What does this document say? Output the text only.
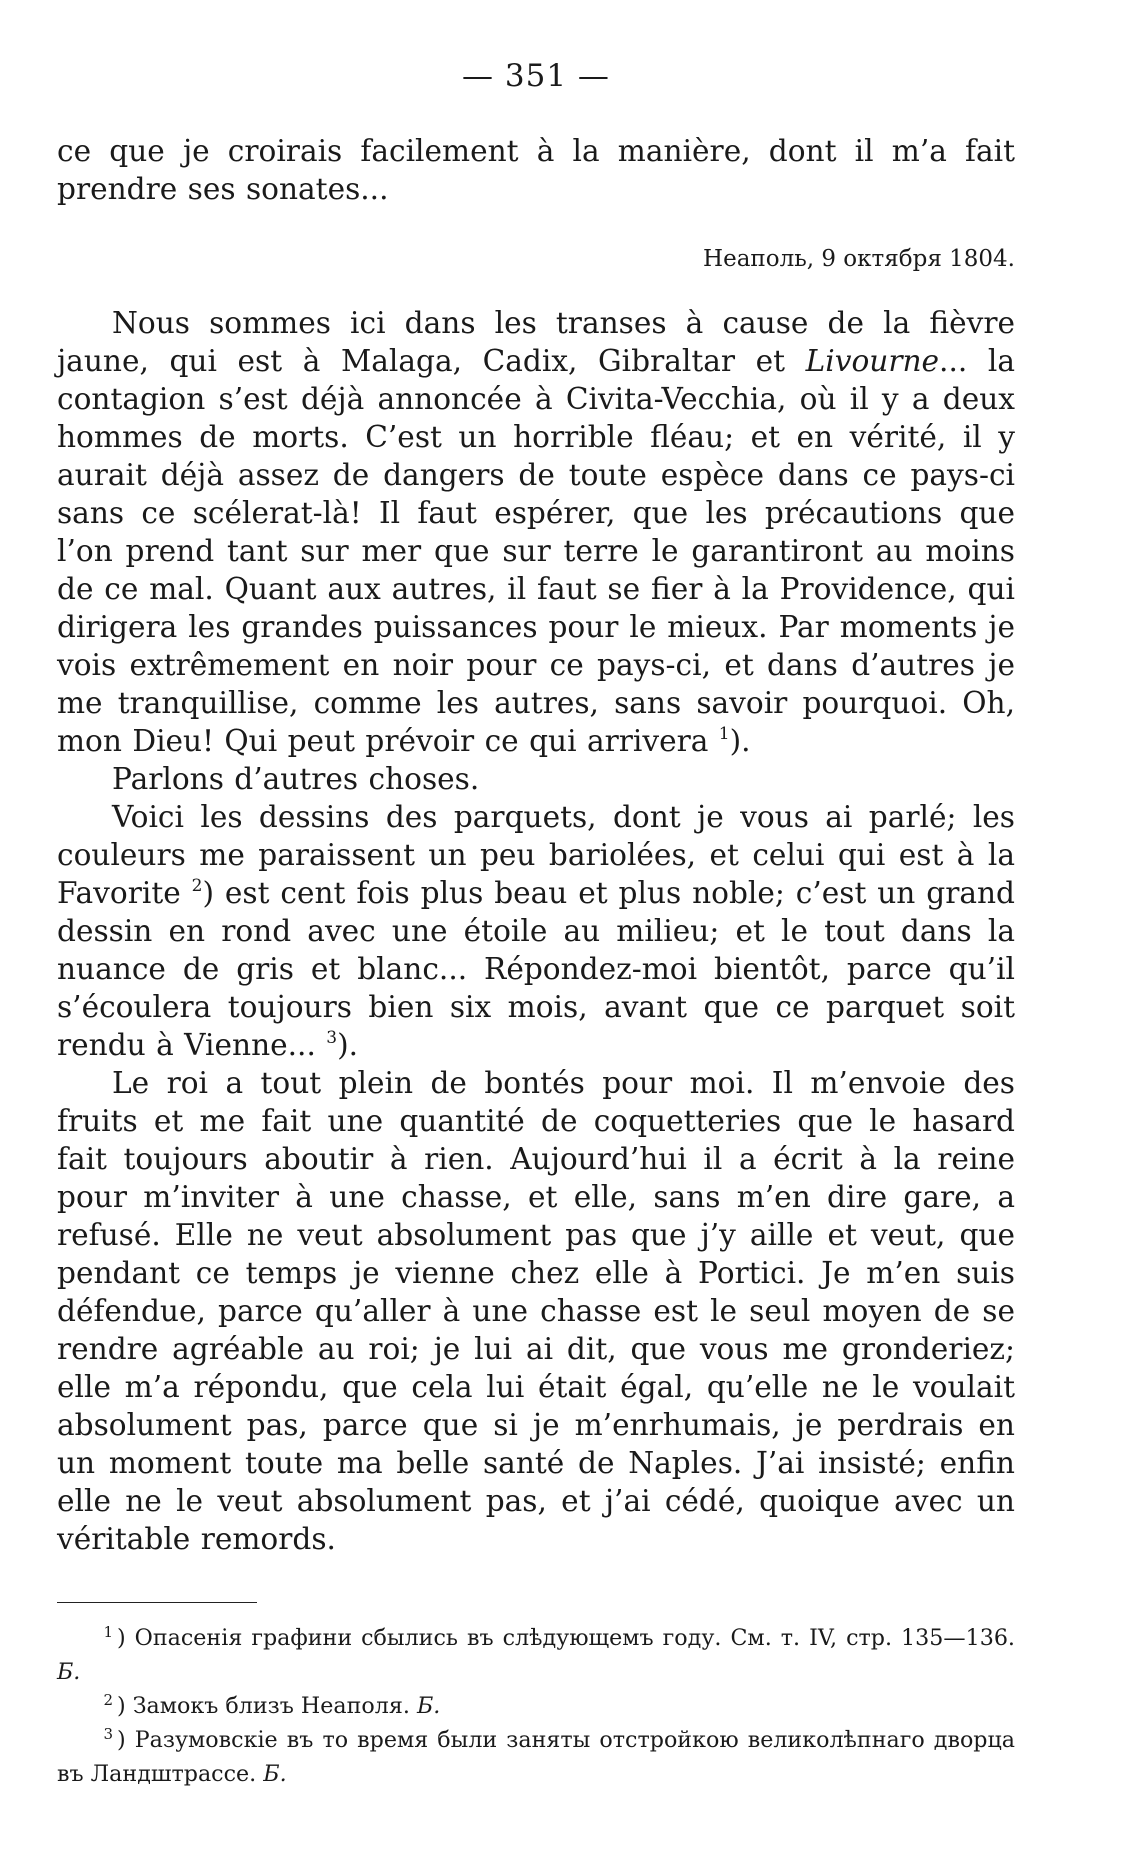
— 351 —

ce que je croirais facilement à la manière, dont il m’a fait prendre ses sonates...

Неаполь, 9 октября 1804.

Nous sommes ici dans les transes à cause de la fièvre jaune, qui est à Malaga, Cadix, Gibraltar et Livourne... la contagion s’est déjà annoncée à Civita-Vecchia, où il y a deux hommes de morts. C’est un horrible fléau; et en vérité, il y aurait déjà assez de dangers de toute espèce dans ce pays-ci sans ce scélerat-là! Il faut espérer, que les précautions que l’on prend tant sur mer que sur terre le garantiront au moins de ce mal. Quant aux autres, il faut se fier à la Providence, qui dirigera les grandes puissances pour le mieux. Par moments je vois extrêmement en noir pour ce pays-ci, et dans d’autres je me tranquillise, comme les autres, sans savoir pourquoi. Oh, mon Dieu! Qui peut prévoir ce qui arrivera $^1$).

Parlons d’autres choses.

Voici les dessins des parquets, dont je vous ai parlé; les couleurs me paraissent un peu bariolées, et celui qui est à la Favorite $^2$) est cent fois plus beau et plus noble; c’est un grand dessin en rond avec une étoile au milieu; et le tout dans la nuance de gris et blanc... Répondez-moi bientôt, parce qu’il s’écoulera toujours bien six mois, avant que ce parquet soit rendu à Vienne... $^3$).

Le roi a tout plein de bontés pour moi. Il m’envoie des fruits et me fait une quantité de coquetteries que le hasard fait toujours aboutir à rien. Aujourd’hui il a écrit à la reine pour m’inviter à une chasse, et elle, sans m’en dire gare, a refusé. Elle ne veut absolument pas que j’y aille et veut, que pendant ce temps je vienne chez elle à Portici. Je m’en suis défendue, parce qu’aller à une chasse est le seul moyen de se rendre agréable au roi; je lui ai dit, que vous me gronderiez; elle m’a répondu, que cela lui était égal, qu’elle ne le voulait absolument pas, parce que si je m’enrhumais, je perdrais en un moment toute ma belle santé de Naples. J’ai insisté; enfin elle ne le veut absolument pas, et j’ai cédé, quoique avec un véritable remords.

$^1$ ) Опасенія графини сбылись въ слѣдующемъ году. См. т. IV, стр. 135—136. Б.

$^2$ ) Замокъ близъ Неаполя. Б.

$^3$ ) Разумовскіе въ то время были заняты отстройкою великолѣпнаго дворца въ Ландштрассе. Б.
